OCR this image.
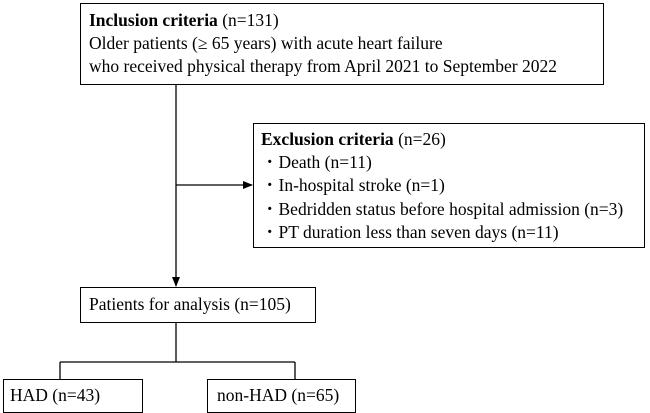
Inclusion criteria (n=131)
Older patients (≥ 65 years) with acute heart failure
who received physical therapy from April 2021 to September 2022
Exclusion criteria (n=26)
・Death (n=11)
・In-hospital stroke (n=1)
・Bedridden status before hospital admission (n=3)
・PT duration less than seven days (n=11)
Patients for analysis (n=105)
HAD (n=43)	non-HAD (n=65)
